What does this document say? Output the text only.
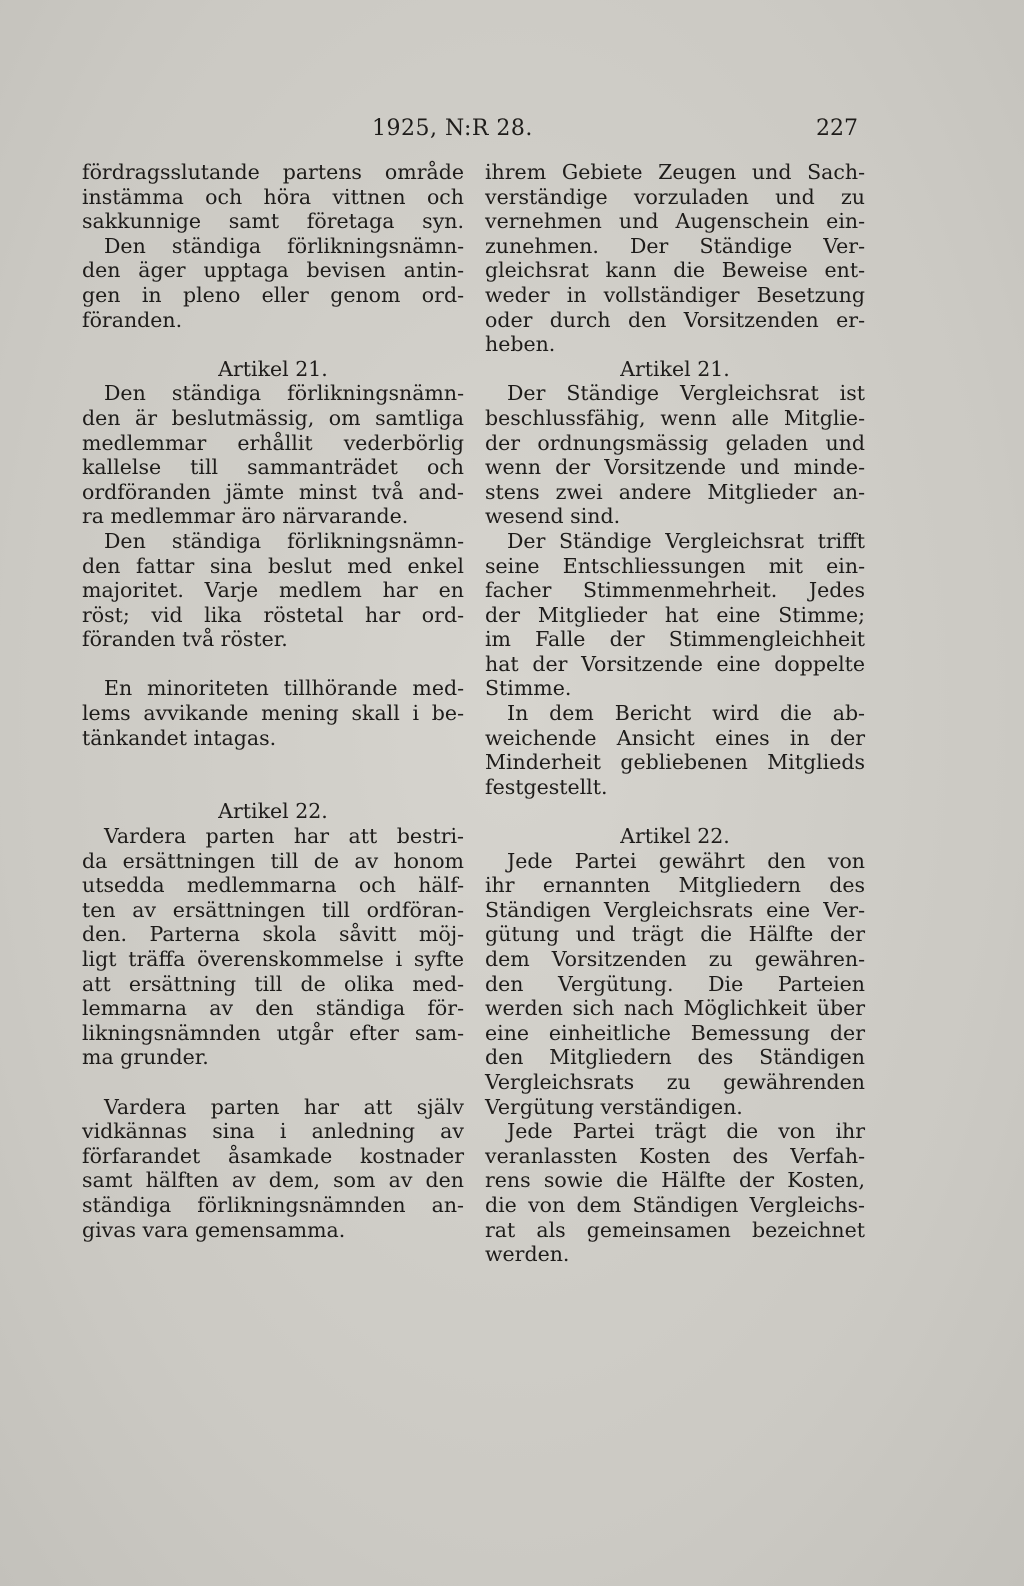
1925, N:R 28.	227
fördragsslutande partens område
instämma och höra vittnen och
sakkunnige samt företaga syn.
Den ständiga förlikningsnämn-
den äger upptaga bevisen antin-
gen in pleno eller genom ord-
föranden.
Artikel 21.
Den ständiga förlikningsnämn-
den är beslutmässig, om samtliga
medlemmar erhållit vederbörlig
kallelse till sammanträdet och
ordföranden jämte minst två and-
ra medlemmar äro närvarande.
Den ständiga förlikningsnämn-
den fattar sina beslut med enkel
majoritet. Varje medlem har en
röst; vid lika röstetal har ord-
föranden två röster.
En minoriteten tillhörande med-
lems avvikande mening skall i be-
tänkandet intagas.
Artikel 22.
Vardera parten har att bestri-
da ersättningen till de av honom
utsedda medlemmarna och hälf-
ten av ersättningen till ordföran-
den. Parterna skola såvitt möj-
ligt träffa överenskommelse i syfte
att ersättning till de olika med-
lemmarna av den ständiga för-
likningsnämnden utgår efter sam-
ma grunder.
Vardera parten har att själv
vidkännas sina i anledning av
förfarandet åsamkade kostnader
samt hälften av dem, som av den
ständiga förlikningsnämnden an-
givas vara gemensamma.
ihrem Gebiete Zeugen und Sach-
verständige vorzuladen und zu
vernehmen und Augenschein ein-
zunehmen. Der Ständige Ver-
gleichsrat kann die Beweise ent-
weder in vollständiger Besetzung
oder durch den Vorsitzenden er-
heben.
Artikel 21.
Der Ständige Vergleichsrat ist
beschlussfähig, wenn alle Mitglie-
der ordnungsmässig geladen und
wenn der Vorsitzende und minde-
stens zwei andere Mitglieder an-
wesend sind.
Der Ständige Vergleichsrat trifft
seine Entschliessungen mit ein-
facher Stimmenmehrheit. Jedes
der Mitglieder hat eine Stimme;
im Falle der Stimmengleichheit
hat der Vorsitzende eine doppelte
Stimme.
In dem Bericht wird die ab-
weichende Ansicht eines in der
Minderheit gebliebenen Mitglieds
festgestellt.
Artikel 22.
Jede Partei gewährt den von
ihr ernannten Mitgliedern des
Ständigen Vergleichsrats eine Ver-
gütung und trägt die Hälfte der
dem Vorsitzenden zu gewähren-
den Vergütung. Die Parteien
werden sich nach Möglichkeit über
eine einheitliche Bemessung der
den Mitgliedern des Ständigen
Vergleichsrats zu gewährenden
Vergütung verständigen.
Jede Partei trägt die von ihr
veranlassten Kosten des Verfah-
rens sowie die Hälfte der Kosten,
die von dem Ständigen Vergleichs-
rat als gemeinsamen bezeichnet
werden.
